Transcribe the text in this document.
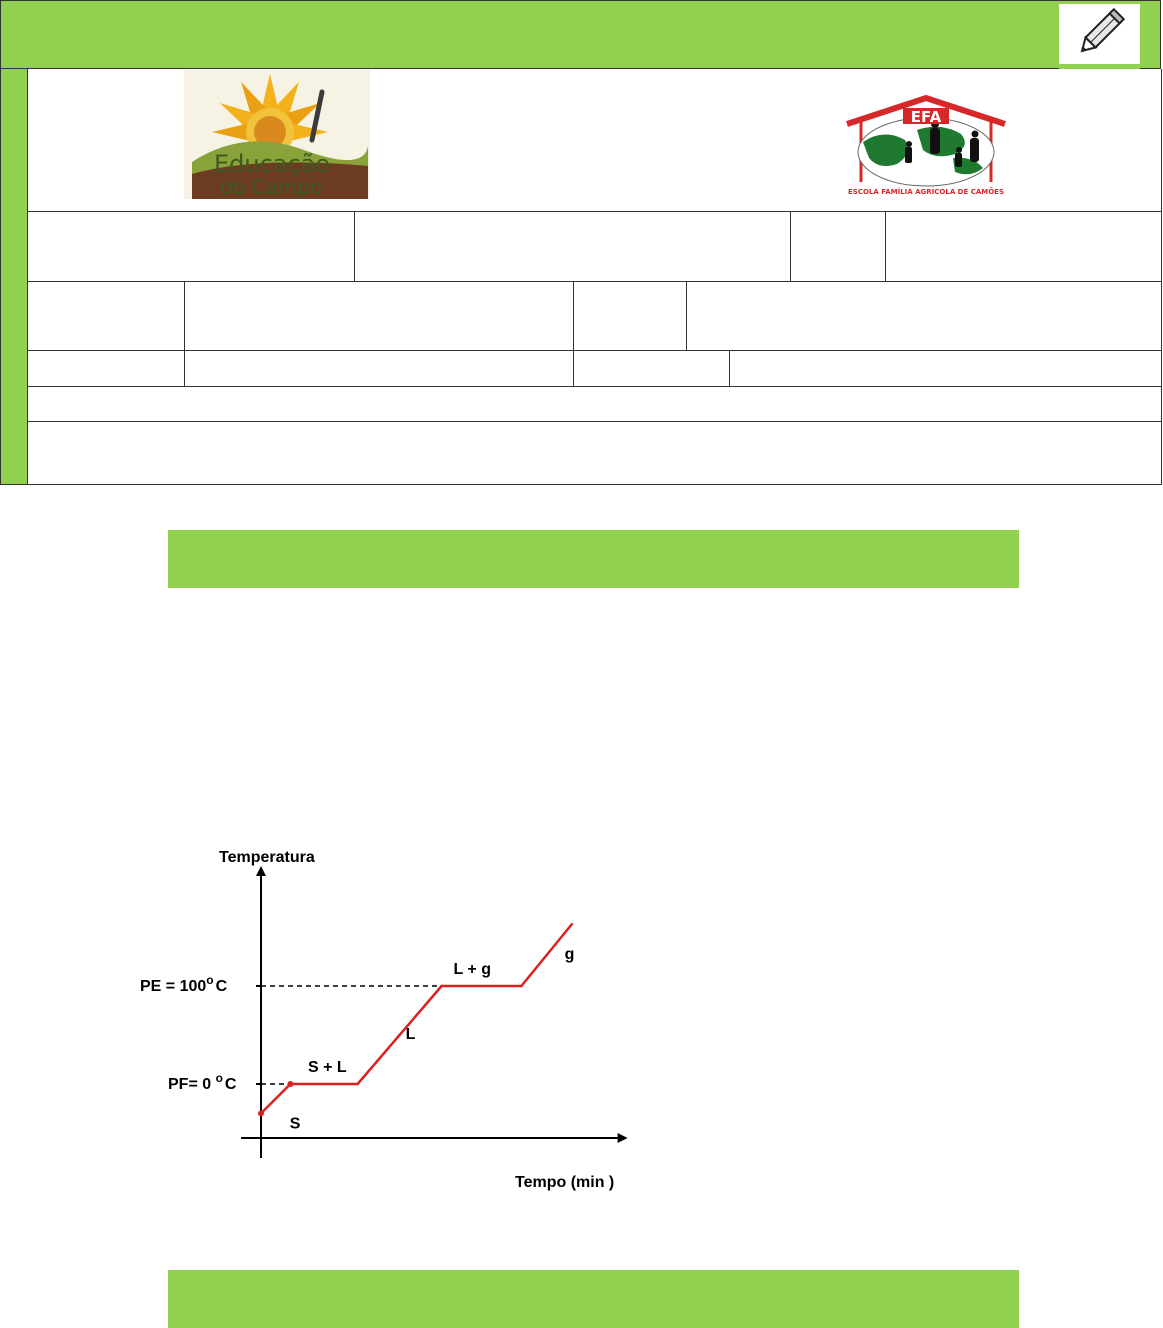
Educação
do Campo
EFA
ESCOLA FAMÍLIA AGRÍCOLA DE CAMÕES
Temperatura
Tempo (min )
PE = $100^o$ C
PF= 0 $^o$ C
S
S + L
L
L + g
g
